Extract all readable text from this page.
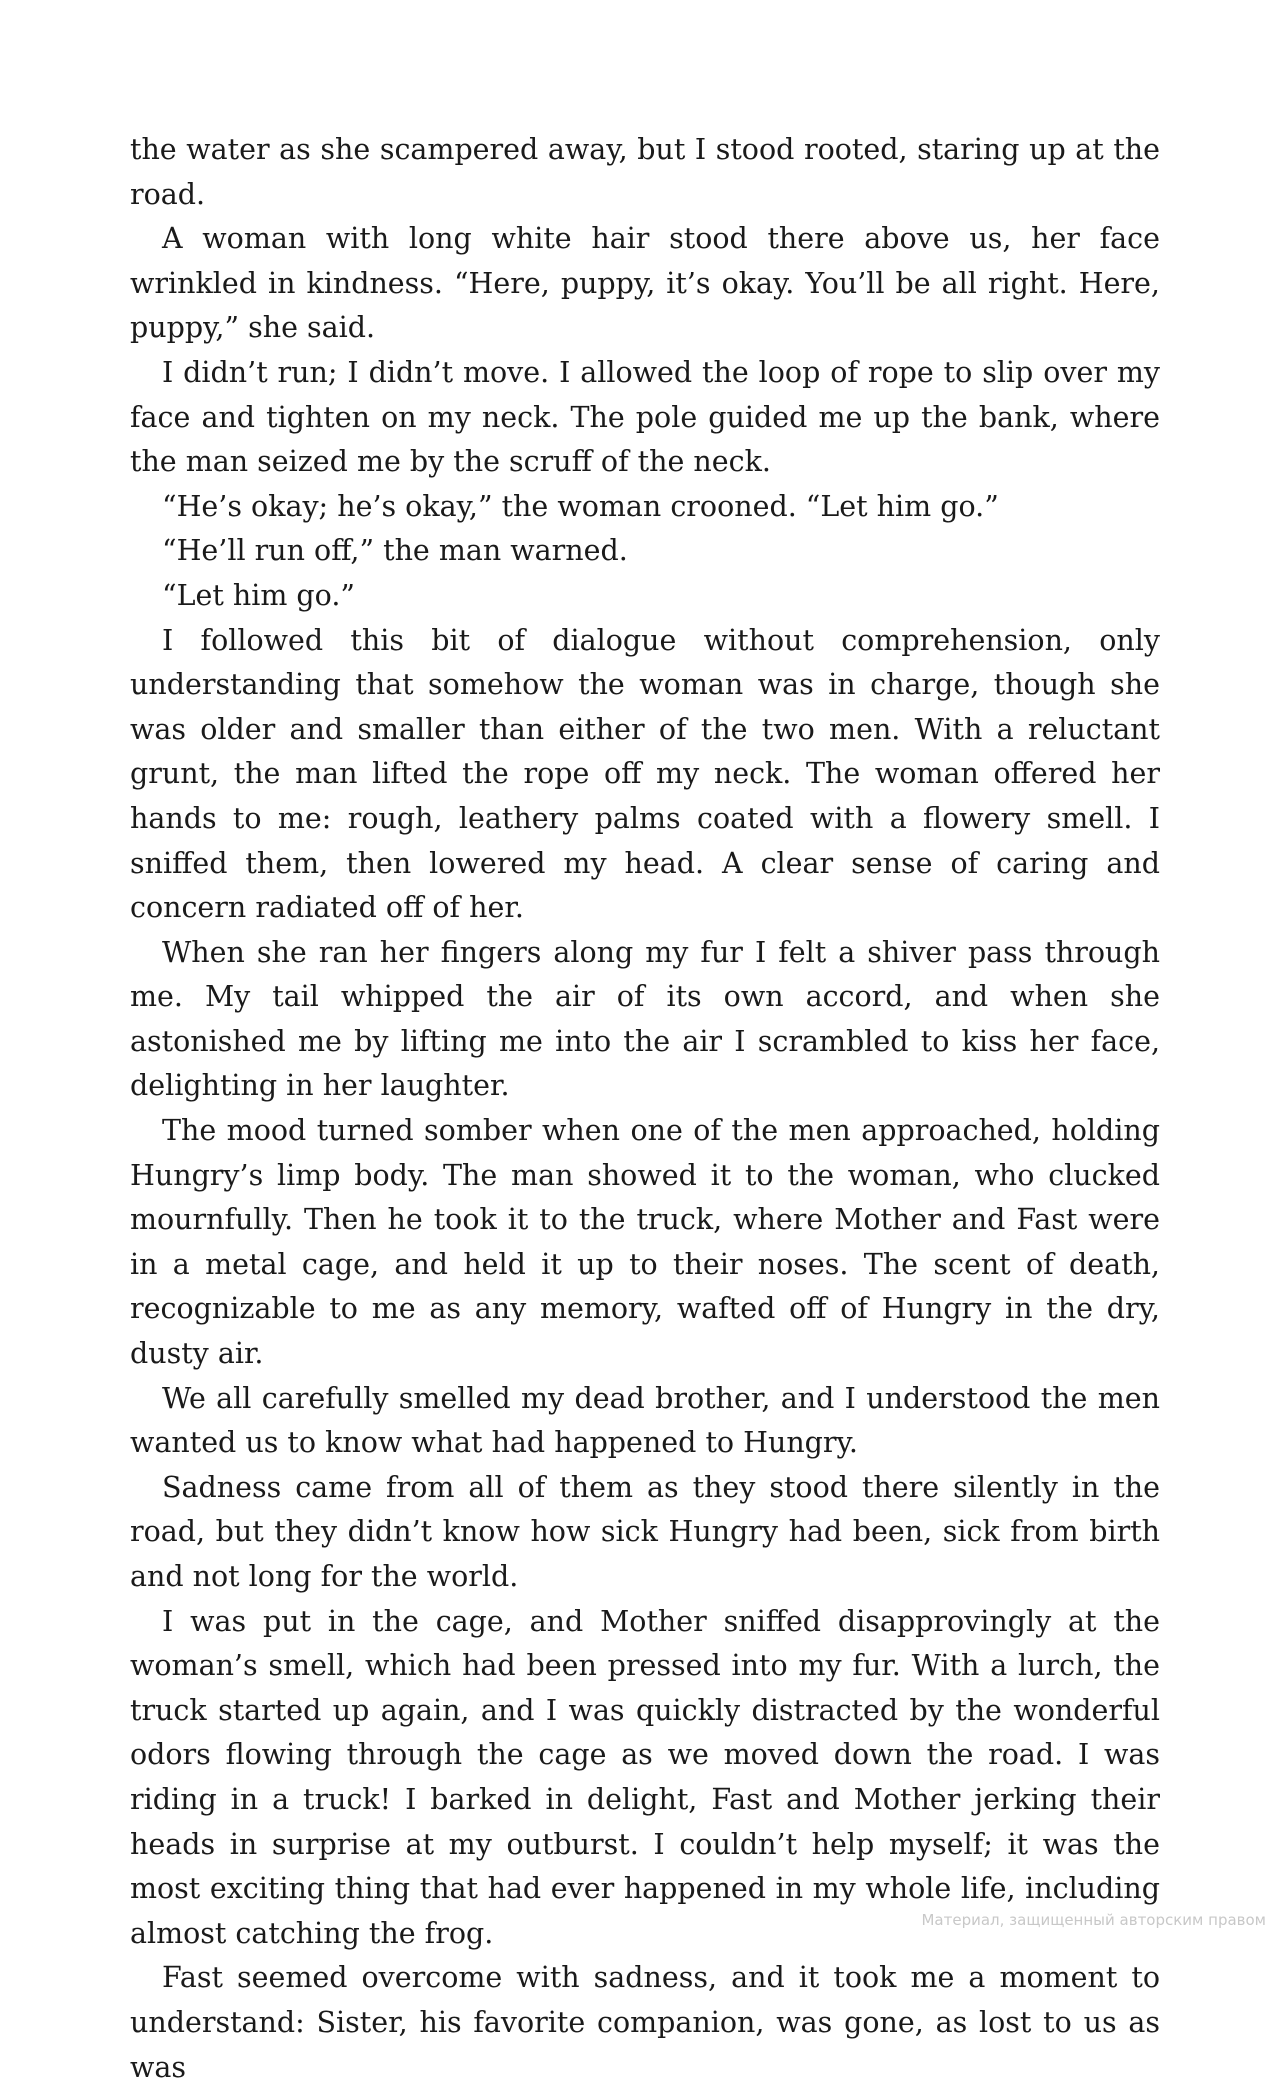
the water as she scampered away, but I stood rooted, staring up at the road.

A woman with long white hair stood there above us, her face wrinkled in kindness. “Here, puppy, it’s okay. You’ll be all right. Here, puppy,” she said.

I didn’t run; I didn’t move. I allowed the loop of rope to slip over my face and tighten on my neck. The pole guided me up the bank, where the man seized me by the scruff of the neck.

“He’s okay; he’s okay,” the woman crooned. “Let him go.”

“He’ll run off,” the man warned.

“Let him go.”

I followed this bit of dialogue without comprehension, only understanding that somehow the woman was in charge, though she was older and smaller than either of the two men. With a reluctant grunt, the man lifted the rope off my neck. The woman offered her hands to me: rough, leathery palms coated with a flowery smell. I sniffed them, then lowered my head. A clear sense of caring and concern radiated off of her.

When she ran her fingers along my fur I felt a shiver pass through me. My tail whipped the air of its own accord, and when she astonished me by lifting me into the air I scrambled to kiss her face, delighting in her laughter.

The mood turned somber when one of the men approached, holding Hungry’s limp body. The man showed it to the woman, who clucked mournfully. Then he took it to the truck, where Mother and Fast were in a metal cage, and held it up to their noses. The scent of death, recognizable to me as any memory, wafted off of Hungry in the dry, dusty air.

We all carefully smelled my dead brother, and I understood the men wanted us to know what had happened to Hungry.

Sadness came from all of them as they stood there silently in the road, but they didn’t know how sick Hungry had been, sick from birth and not long for the world.

I was put in the cage, and Mother sniffed disapprovingly at the woman’s smell, which had been pressed into my fur. With a lurch, the truck started up again, and I was quickly distracted by the wonderful odors flowing through the cage as we moved down the road. I was riding in a truck! I barked in delight, Fast and Mother jerking their heads in surprise at my outburst. I couldn’t help myself; it was the most exciting thing that had ever happened in my whole life, including almost catching the frog.

Fast seemed overcome with sadness, and it took me a moment to understand: Sister, his favorite companion, was gone, as lost to us as was

Материал, защищенный авторским правом
